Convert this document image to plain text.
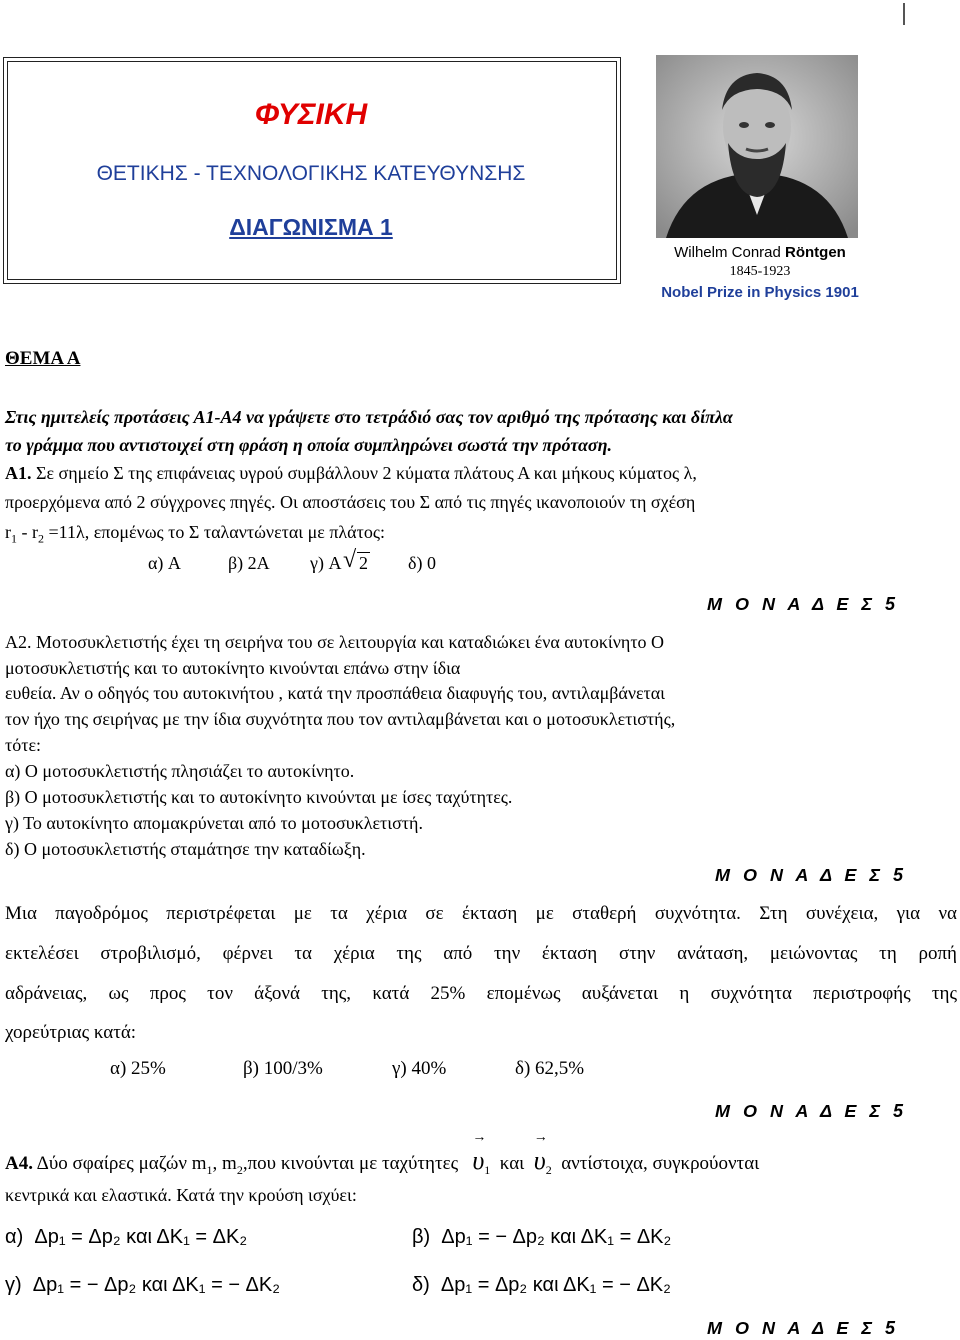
ΦΥΣΙΚΗ
ΘΕΤΙΚΗΣ - ΤΕΧΝΟΛΟΓΙΚΗΣ ΚΑΤΕΥΘΥΝΣΗΣ
ΔΙΑΓΩΝΙΣΜΑ 1
Wilhelm Conrad Röntgen
1845-1923
Nobel Prize in Physics 1901
ΘΕΜΑ Α
Στις ημιτελείς προτάσεις Α1-Α4 να γράψετε στο τετράδιό σας τον αριθμό της πρότασης και δίπλα
το γράμμα που αντιστοιχεί στη φράση η οποία συμπληρώνει σωστά την πρόταση.
Α1. Σε σημείο Σ της επιφάνειας υγρού συμβάλλουν 2 κύματα πλάτους Α και μήκους κύματος λ,
προερχόμενα από 2 σύγχρονες πηγές. Οι αποστάσεις του Σ από τις πηγές ικανοποιούν τη σχέση
$r_1 - r_2 =11\lambda$, επομένως το Σ ταλαντώνεται με πλάτος:
α) A	β) 2A γ) A √ 2 δ) 0
Μ Ο Ν Α Δ Ε Σ 5
Α2. Μοτοσυκλετιστής έχει τη σειρήνα του σε λειτουργία και καταδιώκει ένα αυτοκίνητο Ο
μοτοσυκλετιστής και το αυτοκίνητο κινούνται επάνω στην ίδια
ευθεία. Αν ο οδηγός του αυτοκινήτου , κατά την προσπάθεια διαφυγής του, αντιλαμβάνεται
τον ήχο της σειρήνας με την ίδια συχνότητα που τον αντιλαμβάνεται και ο μοτοσυκλετιστής,
τότε:
α) Ο μοτοσυκλετιστής πλησιάζει το αυτοκίνητο.
β) Ο μοτοσυκλετιστής και το αυτοκίνητο κινούνται με ίσες ταχύτητες.
γ) Το αυτοκίνητο απομακρύνεται από το μοτοσυκλετιστή.
δ) Ο μοτοσυκλετιστής σταμάτησε την καταδίωξη.
Μ Ο Ν Α Δ Ε Σ 5
Μια παγοδρόμος περιστρέφεται με τα χέρια σε έκταση με σταθερή συχνότητα. Στη συνέχεια, για να
εκτελέσει στροβιλισμό, φέρνει τα χέρια της από την έκταση στην ανάταση, μειώνοντας τη ροπή
αδράνειας, ως προς τον άξονά της, κατά 25% επομένως αυξάνεται η συχνότητα περιστροφής της
χορεύτριας κατά:
α) 25%	β) 100/3%	γ) 40%	δ) 62,5%
Μ Ο Ν Α Δ Ε Σ 5
Α4. Δύο σφαίρες μαζών $m_1$, $m_2,\pi o\upsilon$ κινούνται με ταχύτητες $\upsilon \to_1$ και $\upsilon \to_2$ αντίστοιχα, συγκρούονται
κεντρικά και ελαστικά. Κατά την κρούση ισχύει:
α) Δp₁ = Δp₂ και ΔK₁ = ΔK₂	β) Δp₁ = − Δp₂ και ΔK₁ = ΔK₂
γ) Δp₁ = − Δp₂ και ΔK₁ = − ΔK₂	δ) Δp₁ = Δp₂ και ΔK₁ = − ΔK₂
Μ Ο Ν Α Δ Ε Σ 5
